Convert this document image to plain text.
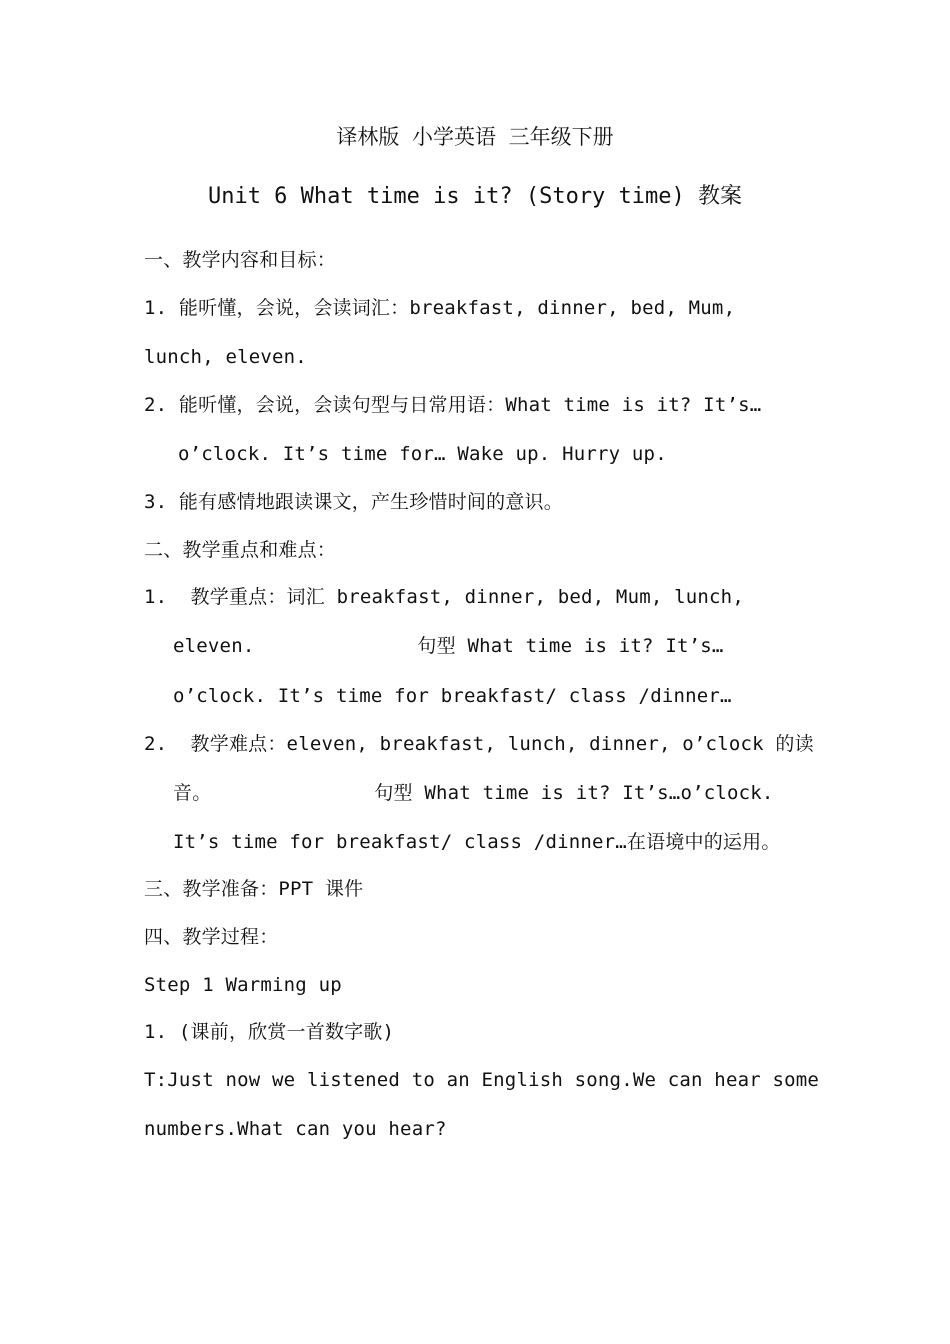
译林版 小学英语 三年级下册
Unit 6 What time is it? (Story time) 教案
一、教学内容和目标：
1. 能听懂，会说，会读词汇：breakfast, dinner, bed, Mum,
lunch, eleven.
2. 能听懂，会说，会读句型与日常用语：What time is it? It’s…
o’clock. It’s time for… Wake up. Hurry up.
3. 能有感情地跟读课文，产生珍惜时间的意识。
二、教学重点和难点：
1.  教学重点：词汇 breakfast, dinner, bed, Mum, lunch,
eleven.              句型 What time is it? It’s…
o’clock. It’s time for breakfast/ class /dinner…
2.  教学难点：eleven, breakfast, lunch, dinner, o’clock 的读
音。              句型 What time is it? It’s…o’clock.
It’s time for breakfast/ class /dinner…在语境中的运用。
三、教学准备：PPT 课件
四、教学过程：
Step 1 Warming up
1. (课前，欣赏一首数字歌)
T:Just now we listened to an English song.We can hear some
numbers.What can you hear?
